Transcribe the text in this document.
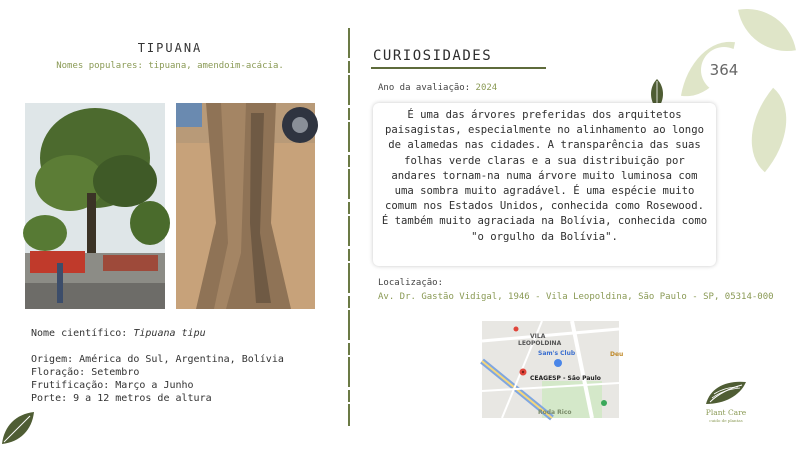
364
TIPUANA
Nomes populares: tipuana, amendoim-acácia.
Nome científico: Tipuana tipu
Origem: América do Sul, Argentina, Bolívia
Floração: Setembro
Frutificação: Março a Junho
Porte: 9 a 12 metros de altura
CURIOSIDADES
Ano da avaliação: 2024

É uma das árvores preferidas dos arquitetos paisagistas, especialmente no alinhamento ao longo de alamedas nas cidades. A transparência das suas folhas verde claras e a sua distribuição por andares tornam-na numa árvore muito luminosa com uma sombra muito agradável. É uma espécie muito comum nos Estados Unidos, conhecida como Rosewood. É também muito agraciada na Bolívia, conhecida como "o orgulho da Bolívia".

Localização:
Av. Dr. Gastão Vidigal, 1946 - Vila Leopoldina, São Paulo - SP, 05314-000
VILA
LEOPOLDINA
Sam's Club
CEAGESP - São Paulo
Roda Rico
Deu
Plant Care
cuido de plantas
